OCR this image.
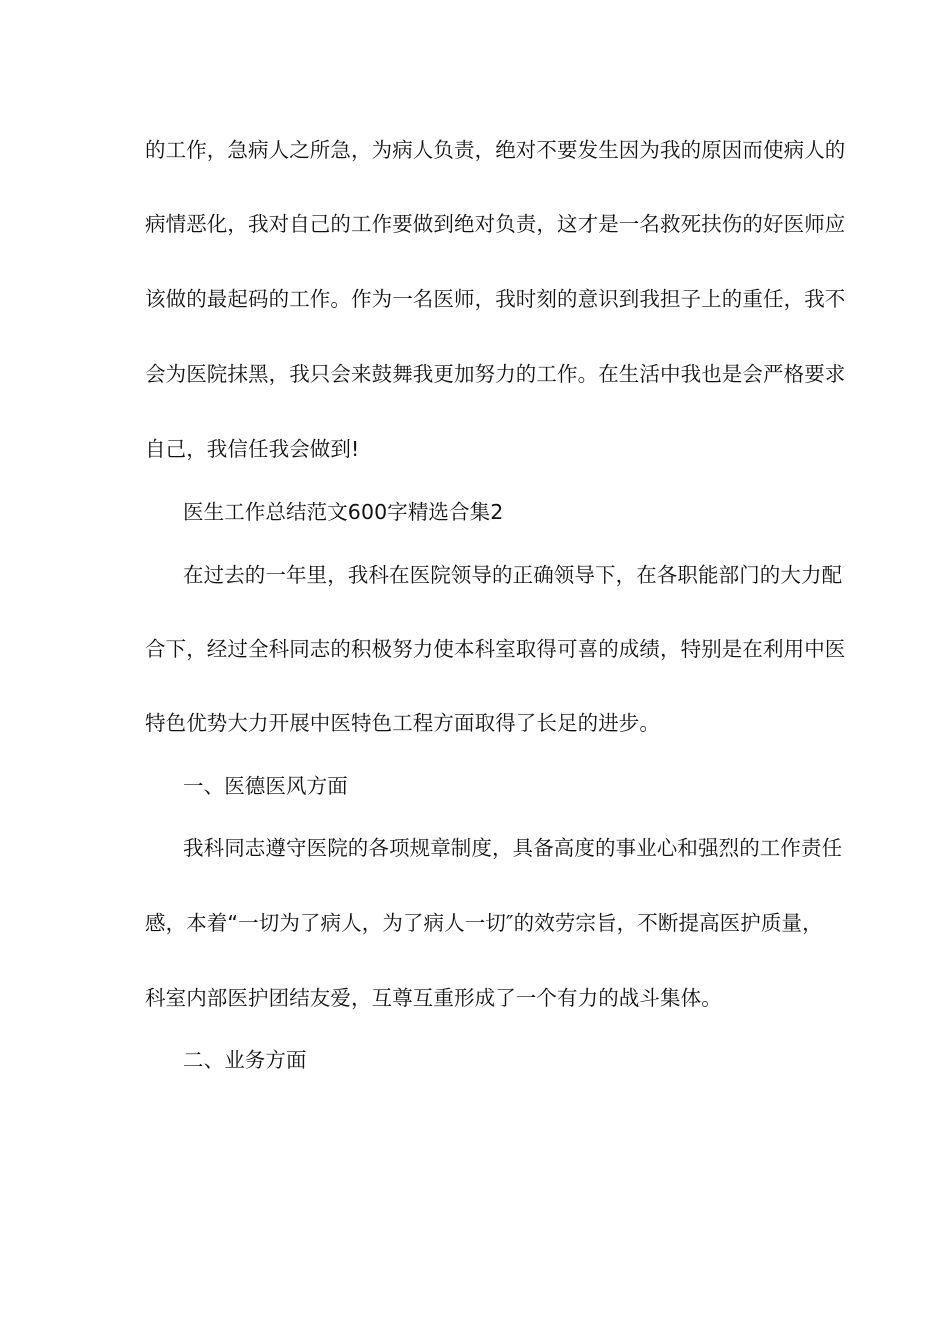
的工作，急病人之所急，为病人负责，绝对不要发生因为我的原因而使病人的
病情恶化，我对自己的工作要做到绝对负责，这才是一名救死扶伤的好医师应
该做的最起码的工作。作为一名医师，我时刻的意识到我担子上的重任，我不
会为医院抹黑，我只会来鼓舞我更加努力的工作。在生活中我也是会严格要求
自己，我信任我会做到!
医生工作总结范文600字精选合集2
在过去的一年里，我科在医院领导的正确领导下，在各职能部门的大力配
合下，经过全科同志的积极努力使本科室取得可喜的成绩，特别是在利用中医
特色优势大力开展中医特色工程方面取得了长足的进步。
一、医德医风方面
我科同志遵守医院的各项规章制度，具备高度的事业心和强烈的工作责任
感，本着“一切为了病人，为了病人一切″的效劳宗旨，不断提高医护质量，
科室内部医护团结友爱，互尊互重形成了一个有力的战斗集体。
二、业务方面
